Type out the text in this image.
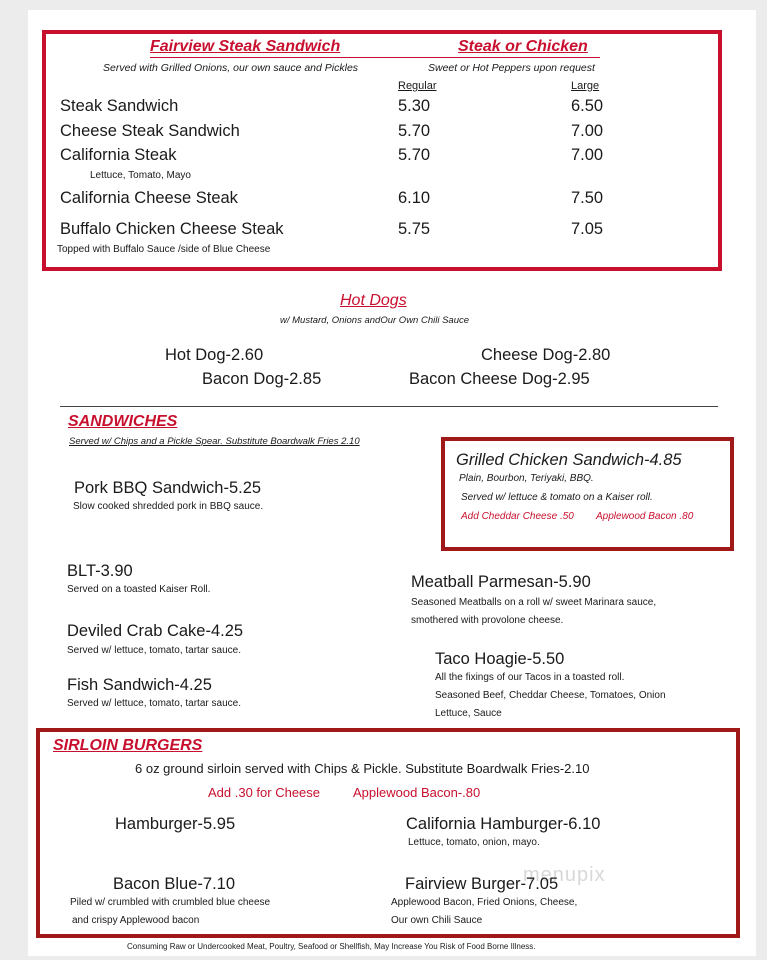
Fairview Steak Sandwich	Steak or Chicken
Served with Grilled Onions, our own sauce and Pickles	Sweet or Hot Peppers upon request
Regular	Large
Steak Sandwich	5.30	6.50
Cheese Steak Sandwich	5.70	7.00
California Steak	5.70	7.00
Lettuce, Tomato, Mayo
California Cheese Steak	6.10	7.50
Buffalo Chicken Cheese Steak	5.75	7.05
Topped with Buffalo Sauce /side of Blue Cheese
Hot Dogs
w/ Mustard, Onions andOur Own Chili Sauce
Hot Dog-2.60	Cheese Dog-2.80
Bacon Dog-2.85	Bacon Cheese Dog-2.95
SANDWICHES
Served w/ Chips and a Pickle Spear. Substitute Boardwalk Fries 2.10
Grilled Chicken Sandwich-4.85
Plain, Bourbon, Teriyaki, BBQ.
Served w/ lettuce & tomato on a Kaiser roll.
Add Cheddar Cheese .50 Applewood Bacon .80
Pork BBQ Sandwich-5.25
Slow cooked shredded pork in BBQ sauce.
BLT-3.90
Served on a toasted Kaiser Roll.	Meatball Parmesan-5.90
Seasoned Meatballs on a roll w/ sweet Marinara sauce,
smothered with provolone cheese.
Deviled Crab Cake-4.25
Served w/ lettuce, tomato, tartar sauce.	Taco Hoagie-5.50
All the fixings of our Tacos in a toasted roll.
Seasoned Beef, Cheddar Cheese, Tomatoes, Onion
Lettuce, Sauce
Fish Sandwich-4.25
Served w/ lettuce, tomato, tartar sauce.
SIRLOIN BURGERS
6 oz ground sirloin served with Chips & Pickle. Substitute Boardwalk Fries-2.10
Add .30 for Cheese	Applewood Bacon-.80
Hamburger-5.95	California Hamburger-6.10
Lettuce, tomato, onion, mayo.
menupix
Bacon Blue-7.10
Piled w/ crumbled with crumbled blue cheese
and crispy Applewood bacon
Fairview Burger-7.05
Applewood Bacon, Fried Onions, Cheese,
Our own Chili Sauce
Consuming Raw or Undercooked Meat, Poultry, Seafood or Shellfish, May Increase You Risk of Food Borne Illness.
